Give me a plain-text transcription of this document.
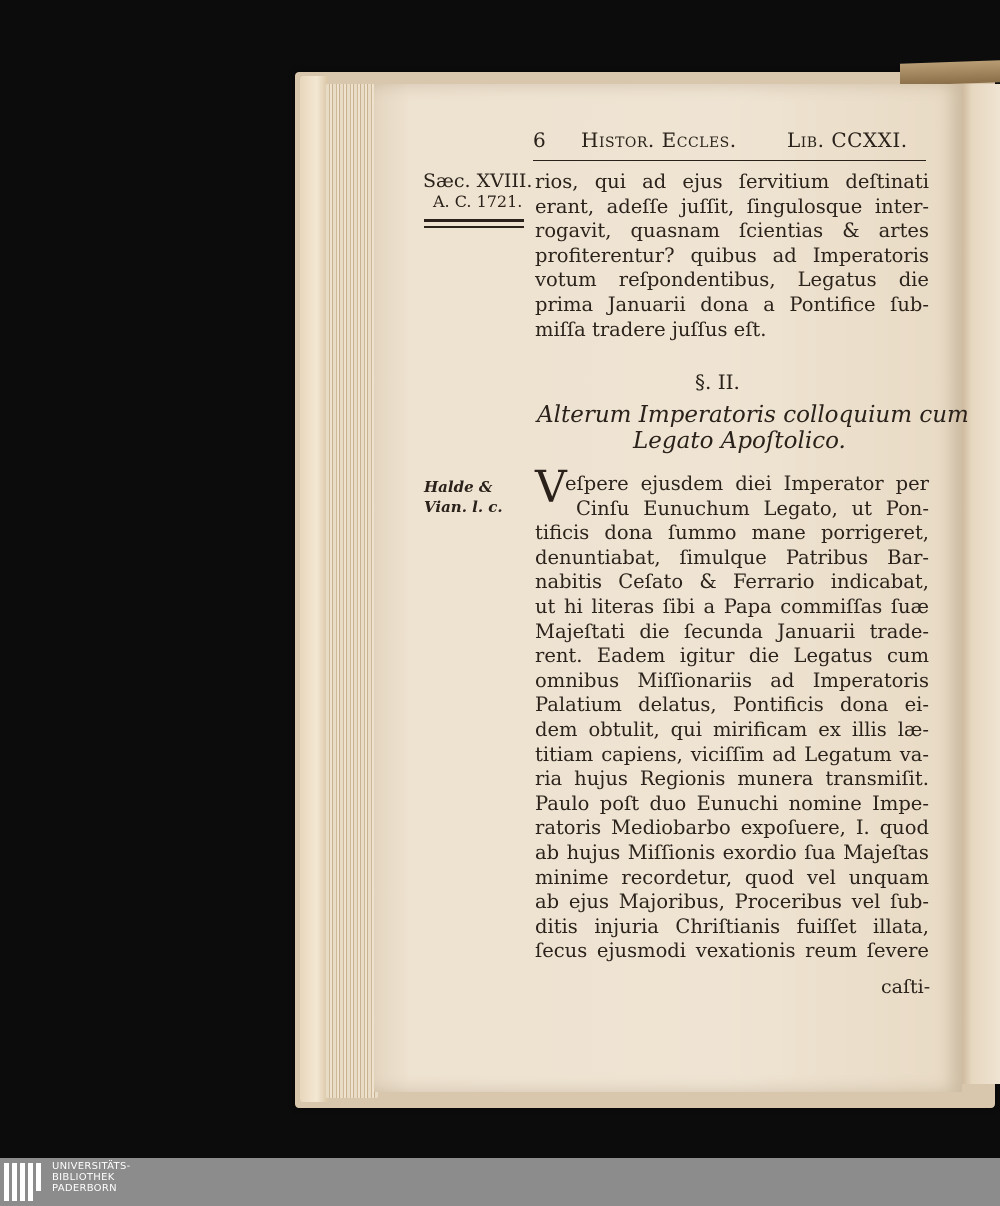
6 Histor. Eccles.	Lib. CCXXI.
Sæc. XVIII.
A. C. 1721.
Halde &
Vian. l. c.
rios, qui ad ejus ſervitium deſtinati
erant, adeſſe juſſit, ſingulosque inter-
rogavit, quasnam ſcientias & artes
profiterentur? quibus ad Imperatoris
votum reſpondentibus, Legatus die
prima Januarii dona a Pontifice ſub-
miſſa tradere juſſus eſt.
§. II.
Alterum Imperatoris colloquium cum
Legato Apoſtolico.
V
eſpere ejusdem diei Imperator per
Cinſu Eunuchum Legato, ut Pon-
tificis dona ſummo mane porrigeret,
denuntiabat, ſimulque Patribus Bar-
nabitis Ceſato & Ferrario indicabat,
ut hi literas ſibi a Papa commiſſas ſuæ
Majeſtati die ſecunda Januarii trade-
rent. Eadem igitur die Legatus cum
omnibus Miſſionariis ad Imperatoris
Palatium delatus, Pontificis dona ei-
dem obtulit, qui mirificam ex illis læ-
titiam capiens, viciſſim ad Legatum va-
ria hujus Regionis munera transmiſit.
Paulo poſt duo Eunuchi nomine Impe-
ratoris Mediobarbo expoſuere, I. quod
ab hujus Miſſionis exordio ſua Majeſtas
minime recordetur, quod vel unquam
ab ejus Majoribus, Proceribus vel ſub-
ditis injuria Chriſtianis fuiſſet illata,
ſecus ejusmodi vexationis reum ſevere
caſti-
UNIVERSITÄTS-
BIBLIOTHEK
PADERBORN
